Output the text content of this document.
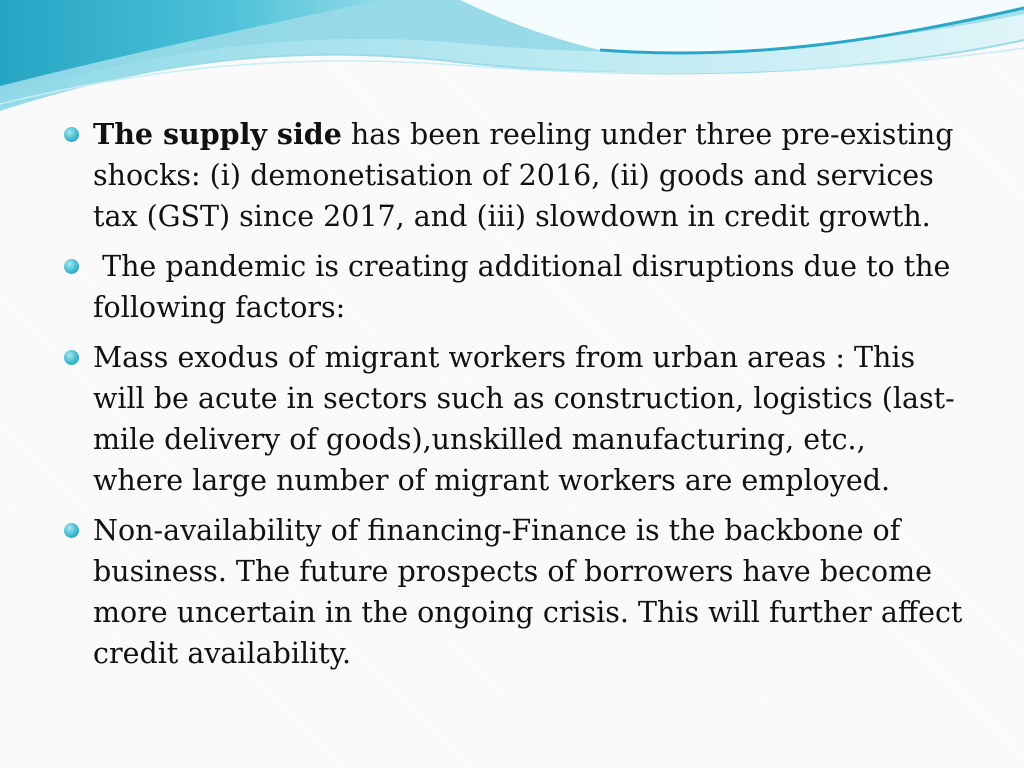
The supply side has been reeling under three pre-existing shocks: (i) demonetisation of 2016, (ii) goods and services tax (GST) since 2017, and (iii) slowdown in credit growth.
The pandemic is creating additional disruptions due to the following factors:
Mass exodus of migrant workers from urban areas : This will be acute in sectors such as construction, logistics (last-mile delivery of goods),unskilled manufacturing, etc., where large number of migrant workers are employed.
Non-availability of financing-Finance is the backbone of business. The future prospects of borrowers have become more uncertain in the ongoing crisis. This will further affect credit availability.
